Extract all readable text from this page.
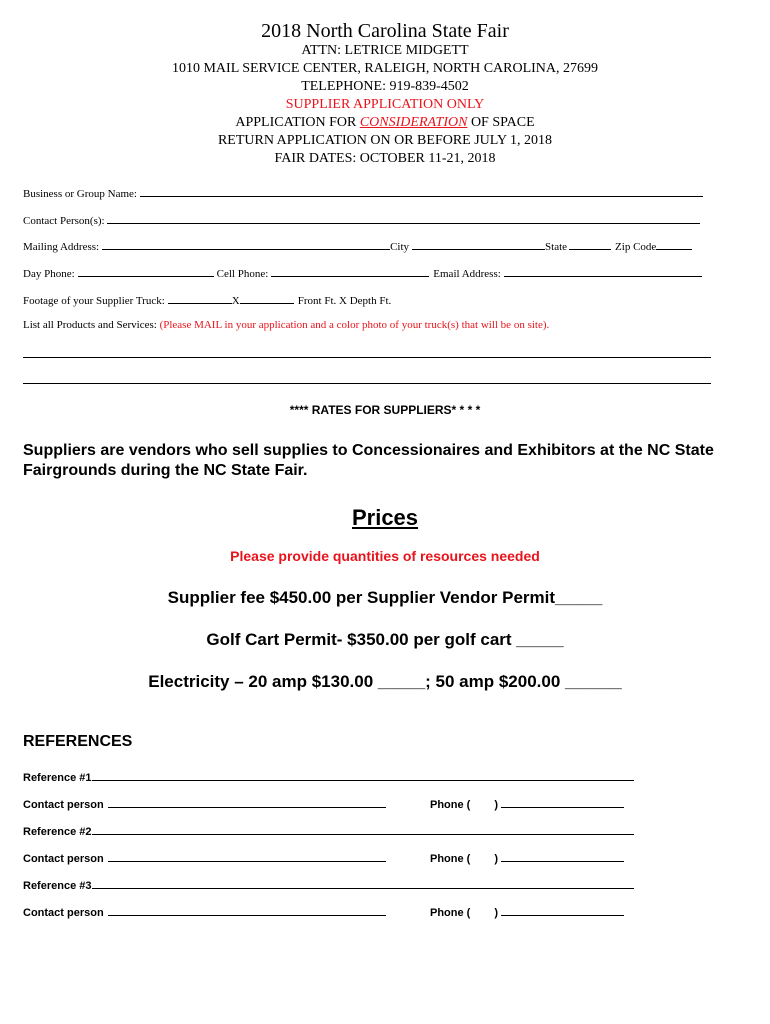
2018 North Carolina State Fair
ATTN: LETRICE MIDGETT
1010 MAIL SERVICE CENTER, RALEIGH, NORTH CAROLINA, 27699
TELEPHONE: 919-839-4502
SUPPLIER APPLICATION ONLY
APPLICATION FOR CONSIDERATION OF SPACE
RETURN APPLICATION ON OR BEFORE JULY 1, 2018
FAIR DATES: OCTOBER 11-21, 2018
Business or Group Name:
Contact Person(s):
Mailing Address:	City	State	Zip Code
Day Phone:	Cell Phone:	Email Address:
Footage of your Supplier Truck:	X	Front Ft. X Depth Ft.
List all Products and Services: (Please MAIL in your application and a color photo of your truck(s) that will be on site).
**** RATES FOR SUPPLIERS* * * *
Suppliers are vendors who sell supplies to Concessionaires and Exhibitors at the NC State Fairgrounds during the NC State Fair.
Prices
Please provide quantities of resources needed
Supplier fee $450.00 per Supplier Vendor Permit_____
Golf Cart Permit- $350.00 per golf cart _____
Electricity – 20 amp $130.00 _____; 50 amp $200.00 ______
REFERENCES
Reference #1
Contact person	Phone ( )
Reference #2
Contact person	Phone ( )
Reference #3
Contact person	Phone ( )
